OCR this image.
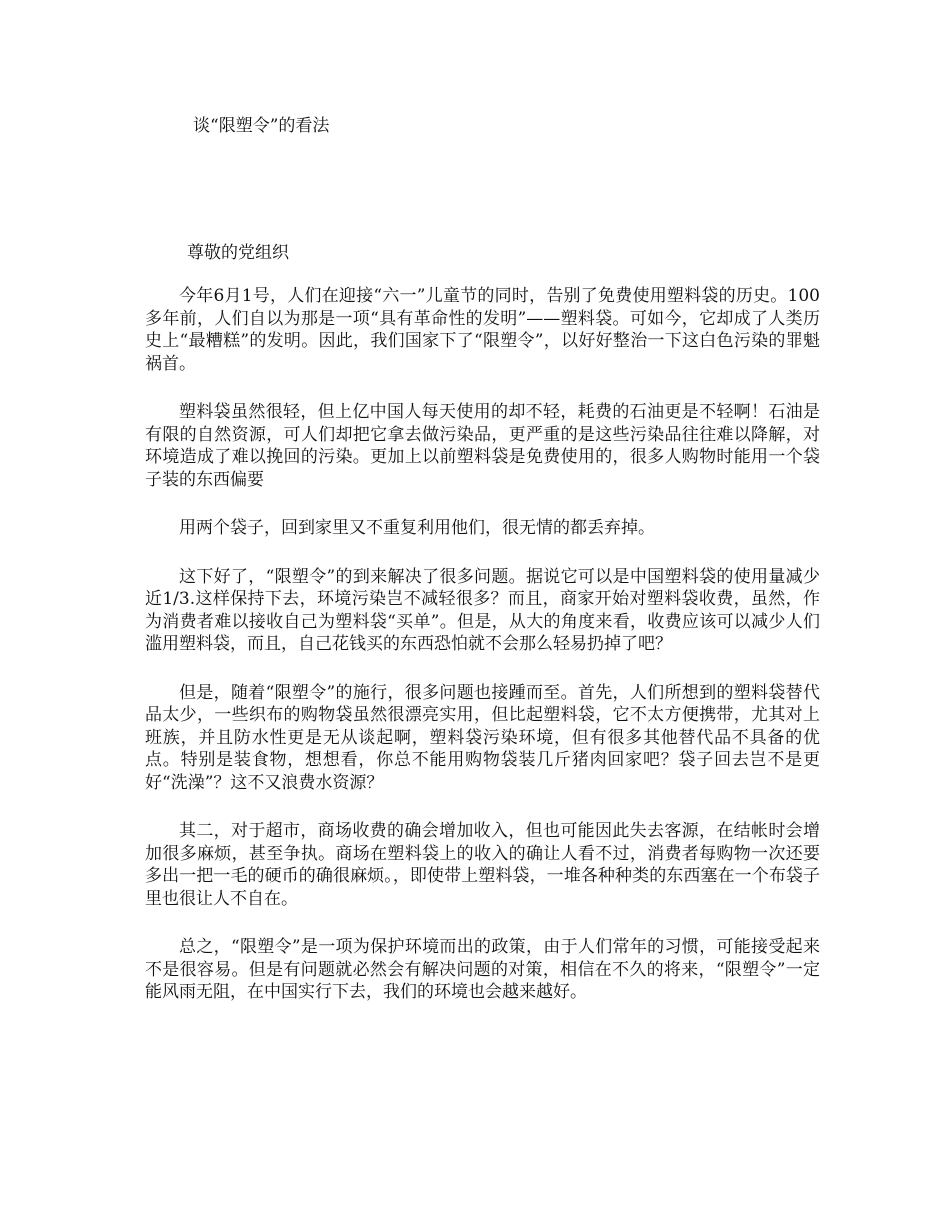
谈“限塑令”的看法
尊敬的党组织

今年6月1号，人们在迎接“六一”儿童节的同时，告别了免费使用塑料袋的历史。100多年前，人们自以为那是一项“具有革命性的发明”——塑料袋。可如今，它却成了人类历史上“最糟糕”的发明。因此，我们国家下了“限塑令”，以好好整治一下这白色污染的罪魁祸首。

塑料袋虽然很轻，但上亿中国人每天使用的却不轻，耗费的石油更是不轻啊！石油是有限的自然资源，可人们却把它拿去做污染品，更严重的是这些污染品往往难以降解，对环境造成了难以挽回的污染。更加上以前塑料袋是免费使用的，很多人购物时能用一个袋子装的东西偏要

用两个袋子，回到家里又不重复利用他们，很无情的都丢弃掉。

这下好了，“限塑令”的到来解决了很多问题。据说它可以是中国塑料袋的使用量减少近1/3.这样保持下去，环境污染岂不减轻很多？而且，商家开始对塑料袋收费，虽然，作为消费者难以接收自己为塑料袋“买单”。但是，从大的角度来看，收费应该可以减少人们滥用塑料袋，而且，自己花钱买的东西恐怕就不会那么轻易扔掉了吧？

但是，随着“限塑令”的施行，很多问题也接踵而至。首先，人们所想到的塑料袋替代品太少，一些织布的购物袋虽然很漂亮实用，但比起塑料袋，它不太方便携带，尤其对上班族，并且防水性更是无从谈起啊，塑料袋污染环境，但有很多其他替代品不具备的优点。特别是装食物，想想看，你总不能用购物袋装几斤猪肉回家吧？袋子回去岂不是更好“洗澡”？这不又浪费水资源？

其二，对于超市，商场收费的确会增加收入，但也可能因此失去客源，在结帐时会增加很多麻烦，甚至争执。商场在塑料袋上的收入的确让人看不过，消费者每购物一次还要多出一把一毛的硬币的确很麻烦。，即使带上塑料袋，一堆各种种类的东西塞在一个布袋子里也很让人不自在。

总之，“限塑令”是一项为保护环境而出的政策，由于人们常年的习惯，可能接受起来不是很容易。但是有问题就必然会有解决问题的对策，相信在不久的将来，“限塑令”一定能风雨无阻，在中国实行下去，我们的环境也会越来越好。
